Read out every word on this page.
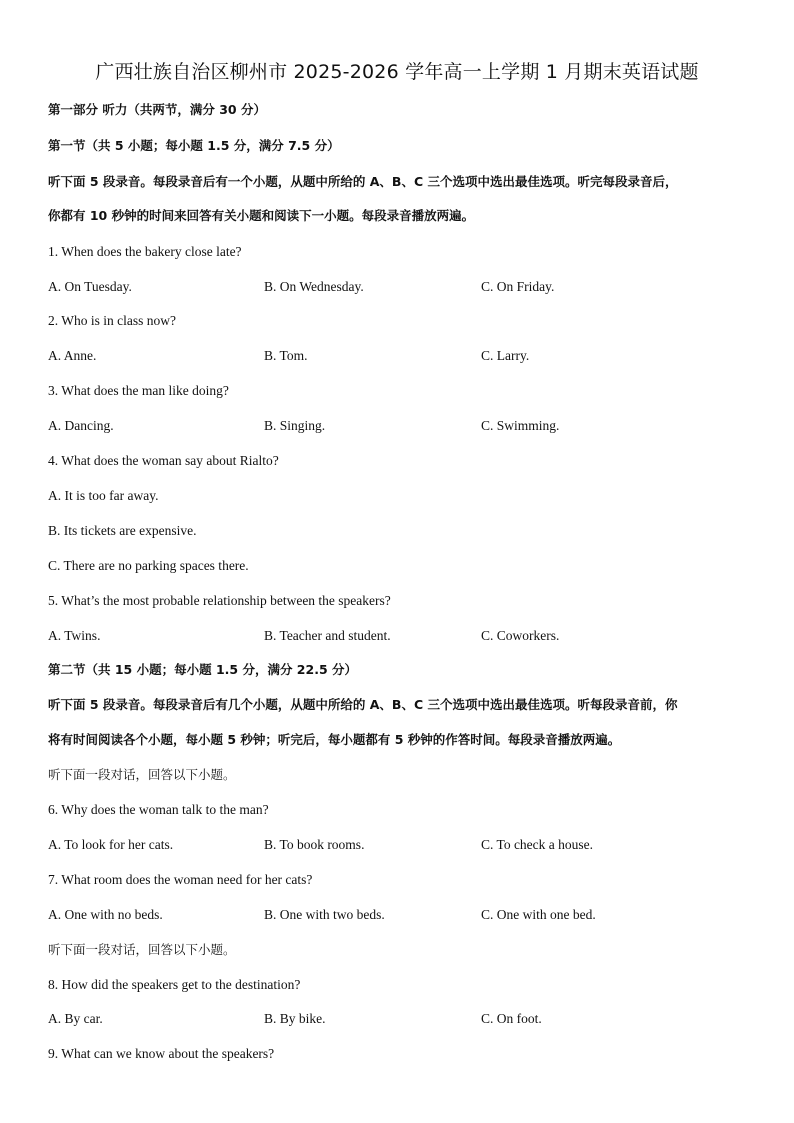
广西壮族自治区柳州市 2025-2026 学年高一上学期 1 月期末英语试题
第一部分 听力（共两节，满分 30 分）
第一节（共 5 小题；每小题 1.5 分，满分 7.5 分）
听下面 5 段录音。每段录音后有一个小题，从题中所给的 A、B、C 三个选项中选出最佳选项。听完每段录音后，
你都有 10 秒钟的时间来回答有关小题和阅读下一小题。每段录音播放两遍。
1. When does the bakery close late?
A. On Tuesday.	B. On Wednesday.	C. On Friday.
2. Who is in class now?
A. Anne.	B. Tom.	C. Larry.
3. What does the man like doing?
A. Dancing.	B. Singing.	C. Swimming.
4. What does the woman say about Rialto?
A. It is too far away.
B. Its tickets are expensive.
C. There are no parking spaces there.
5. What’s the most probable relationship between the speakers?
A. Twins.	B. Teacher and student.	C. Coworkers.
第二节（共 15 小题；每小题 1.5 分，满分 22.5 分）
听下面 5 段录音。每段录音后有几个小题，从题中所给的 A、B、C 三个选项中选出最佳选项。听每段录音前，你
将有时间阅读各个小题，每小题 5 秒钟；听完后，每小题都有 5 秒钟的作答时间。每段录音播放两遍。
听下面一段对话，回答以下小题。
6. Why does the woman talk to the man?
A. To look for her cats.	B. To book rooms.	C. To check a house.
7. What room does the woman need for her cats?
A. One with no beds.	B. One with two beds.	C. One with one bed.
听下面一段对话，回答以下小题。
8. How did the speakers get to the destination?
A. By car.	B. By bike.	C. On foot.
9. What can we know about the speakers?
